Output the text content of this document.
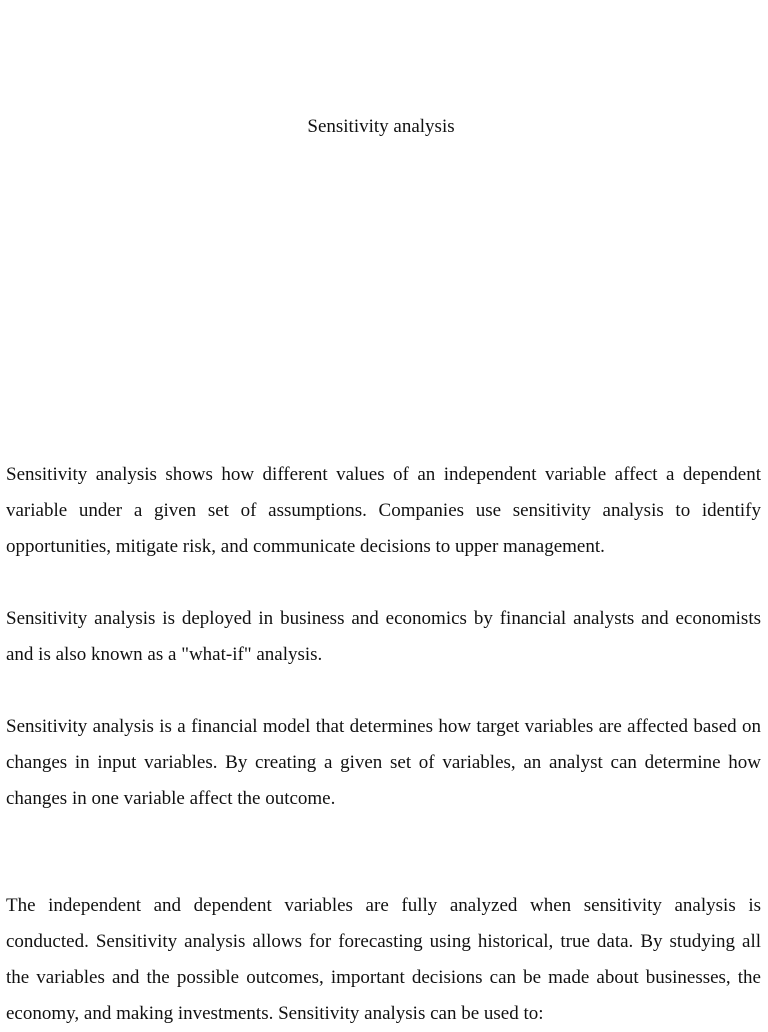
Sensitivity analysis

Sensitivity analysis shows how different values of an independent variable affect a dependent variable under a given set of assumptions. Companies use sensitivity analysis to identify opportunities, mitigate risk, and communicate decisions to upper management.

Sensitivity analysis is deployed in business and economics by financial analysts and economists and is also known as a "what-if" analysis.

Sensitivity analysis is a financial model that determines how target variables are affected based on changes in input variables. By creating a given set of variables, an analyst can determine how changes in one variable affect the outcome.

The independent and dependent variables are fully analyzed when sensitivity analysis is conducted. Sensitivity analysis allows for forecasting using historical, true data. By studying all the variables and the possible outcomes, important decisions can be made about businesses, the economy, and making investments. Sensitivity analysis can be used to:
